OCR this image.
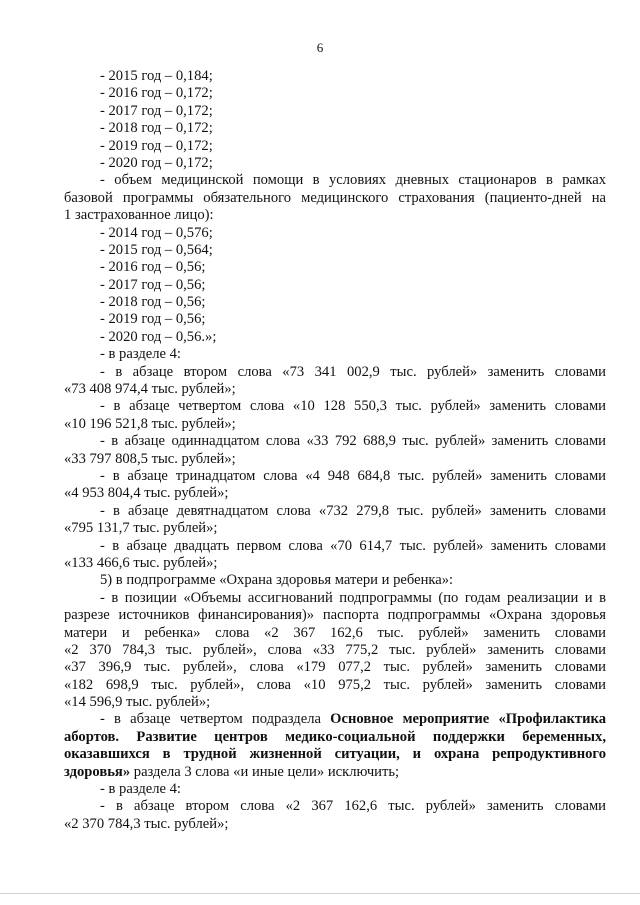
6
- 2015 год – 0,184;
- 2016 год – 0,172;
- 2017 год – 0,172;
- 2018 год – 0,172;
- 2019 год – 0,172;
- 2020 год – 0,172;
- объем медицинской помощи в условиях дневных стационаров в рамках
базовой программы обязательного медицинского страхования (пациенто-дней на
1 застрахованное лицо):
- 2014 год – 0,576;
- 2015 год – 0,564;
- 2016 год – 0,56;
- 2017 год – 0,56;
- 2018 год – 0,56;
- 2019 год – 0,56;
- 2020 год – 0,56.»;
- в разделе 4:
- в абзаце втором слова «73 341 002,9 тыс. рублей» заменить словами
«73 408 974,4 тыс. рублей»;
- в абзаце четвертом слова «10 128 550,3 тыс. рублей» заменить словами
«10 196 521,8 тыс. рублей»;
- в абзаце одиннадцатом слова «33 792 688,9 тыс. рублей» заменить словами
«33 797 808,5 тыс. рублей»;
- в абзаце тринадцатом слова «4 948 684,8 тыс. рублей» заменить словами
«4 953 804,4 тыс. рублей»;
- в абзаце девятнадцатом слова «732 279,8 тыс. рублей» заменить словами
«795 131,7 тыс. рублей»;
- в абзаце двадцать первом слова «70 614,7 тыс. рублей» заменить словами
«133 466,6 тыс. рублей»;
5) в подпрограмме «Охрана здоровья матери и ребенка»:
- в позиции «Объемы ассигнований подпрограммы (по годам реализации и в
разрезе источников финансирования)» паспорта подпрограммы «Охрана здоровья
матери и ребенка» слова «2 367 162,6 тыс. рублей» заменить словами
«2 370 784,3 тыс. рублей», слова «33 775,2 тыс. рублей» заменить словами
«37 396,9 тыс. рублей», слова «179 077,2 тыс. рублей» заменить словами
«182 698,9 тыс. рублей», слова «10 975,2 тыс. рублей» заменить словами
«14 596,9 тыс. рублей»;
- в абзаце четвертом подраздела Основное мероприятие «Профилактика
абортов. Развитие центров медико-социальной поддержки беременных,
оказавшихся в трудной жизненной ситуации, и охрана репродуктивного
здоровья» раздела 3 слова «и иные цели» исключить;
- в разделе 4:
- в абзаце втором слова «2 367 162,6 тыс. рублей» заменить словами
«2 370 784,3 тыс. рублей»;
